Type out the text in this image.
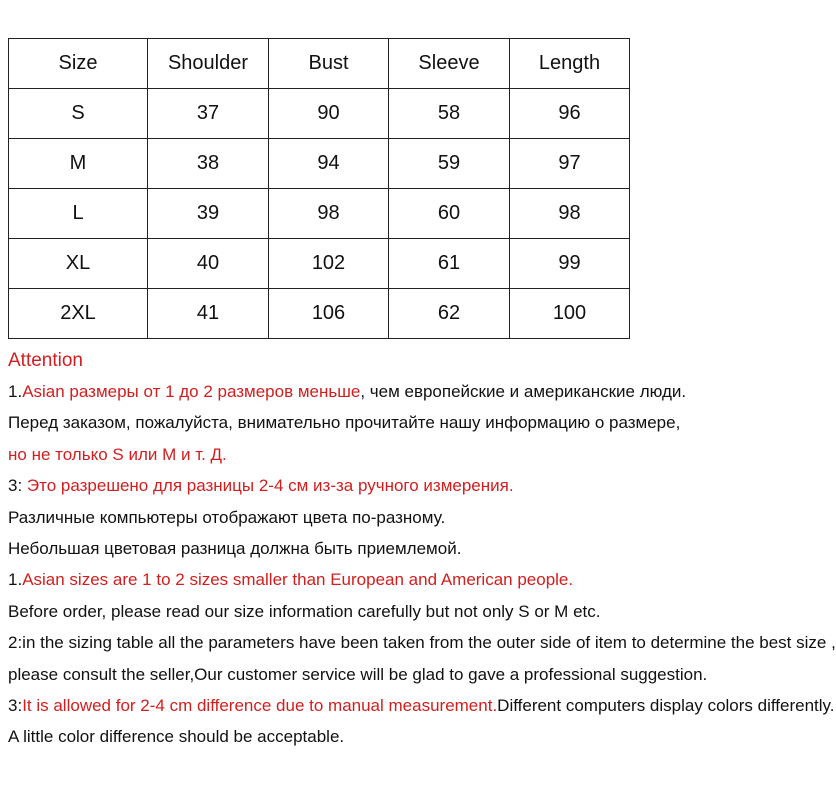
Size	Shoulder	Bust	Sleeve	Length
S	37	90	58	96
M	38	94	59	97
L	39	98	60	98
XL	40	102	61	99
2XL	41	106	62	100
Attention
1.Asian размеры от 1 до 2 размеров меньше, чем европейские и американские люди.
Перед заказом, пожалуйста, внимательно прочитайте нашу информацию о размере,
но не только S или M и т. Д.
3: Это разрешено для разницы 2-4 см из-за ручного измерения.
Различные компьютеры отображают цвета по-разному.
Небольшая цветовая разница должна быть приемлемой.
1.Asian sizes are 1 to 2 sizes smaller than European and American people.
Before order, please read our size information carefully but not only S or M etc.
2:in the sizing table all the parameters have been taken from the outer side of item to determine the best size ,
please consult the seller,Our customer service will be glad to gave a professional suggestion.
3:It is allowed for 2-4 cm difference due to manual measurement.Different computers display colors differently.
A little color difference should be acceptable.
